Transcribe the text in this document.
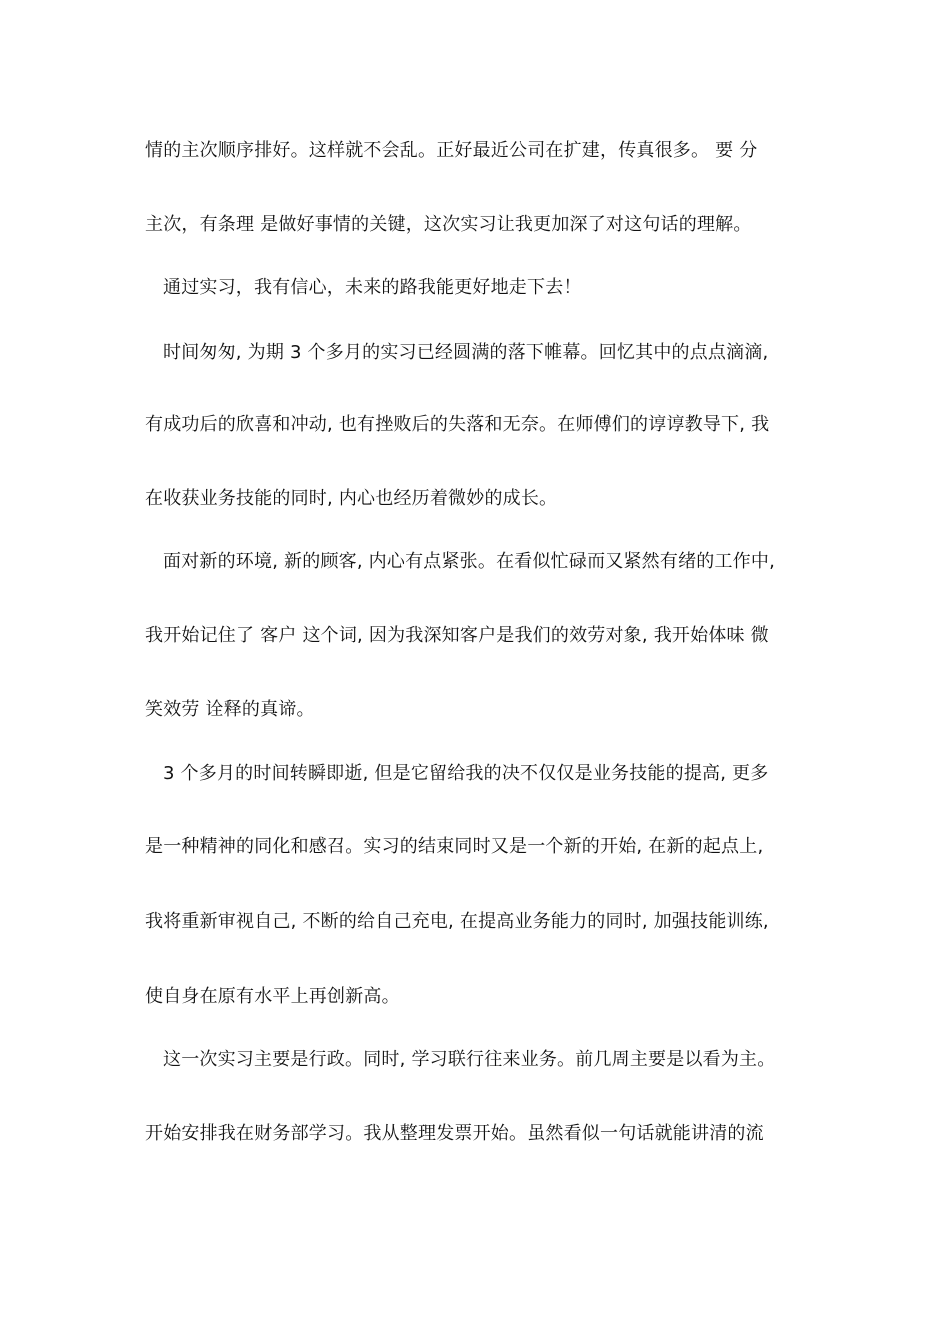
情的主次顺序排好。这样就不会乱。正好最近公司在扩建，传真很多。 要 分
主次，有条理 是做好事情的关键，这次实习让我更加深了对这句话的理解。
通过实习，我有信心，未来的路我能更好地走下去！
时间匆匆, 为期 3 个多月的实习已经圆满的落下帷幕。回忆其中的点点滴滴,
有成功后的欣喜和冲动, 也有挫败后的失落和无奈。在师傅们的谆谆教导下, 我
在收获业务技能的同时, 内心也经历着微妙的成长。
面对新的环境, 新的顾客, 内心有点紧张。在看似忙碌而又紧然有绪的工作中,
我开始记住了 客户 这个词, 因为我深知客户是我们的效劳对象, 我开始体味 微
笑效劳 诠释的真谛。
3 个多月的时间转瞬即逝, 但是它留给我的决不仅仅是业务技能的提高, 更多
是一种精神的同化和感召。实习的结束同时又是一个新的开始, 在新的起点上,
我将重新审视自己, 不断的给自己充电, 在提高业务能力的同时, 加强技能训练,
使自身在原有水平上再创新高。
这一次实习主要是行政。同时, 学习联行往来业务。前几周主要是以看为主。
开始安排我在财务部学习。我从整理发票开始。虽然看似一句话就能讲清的流
